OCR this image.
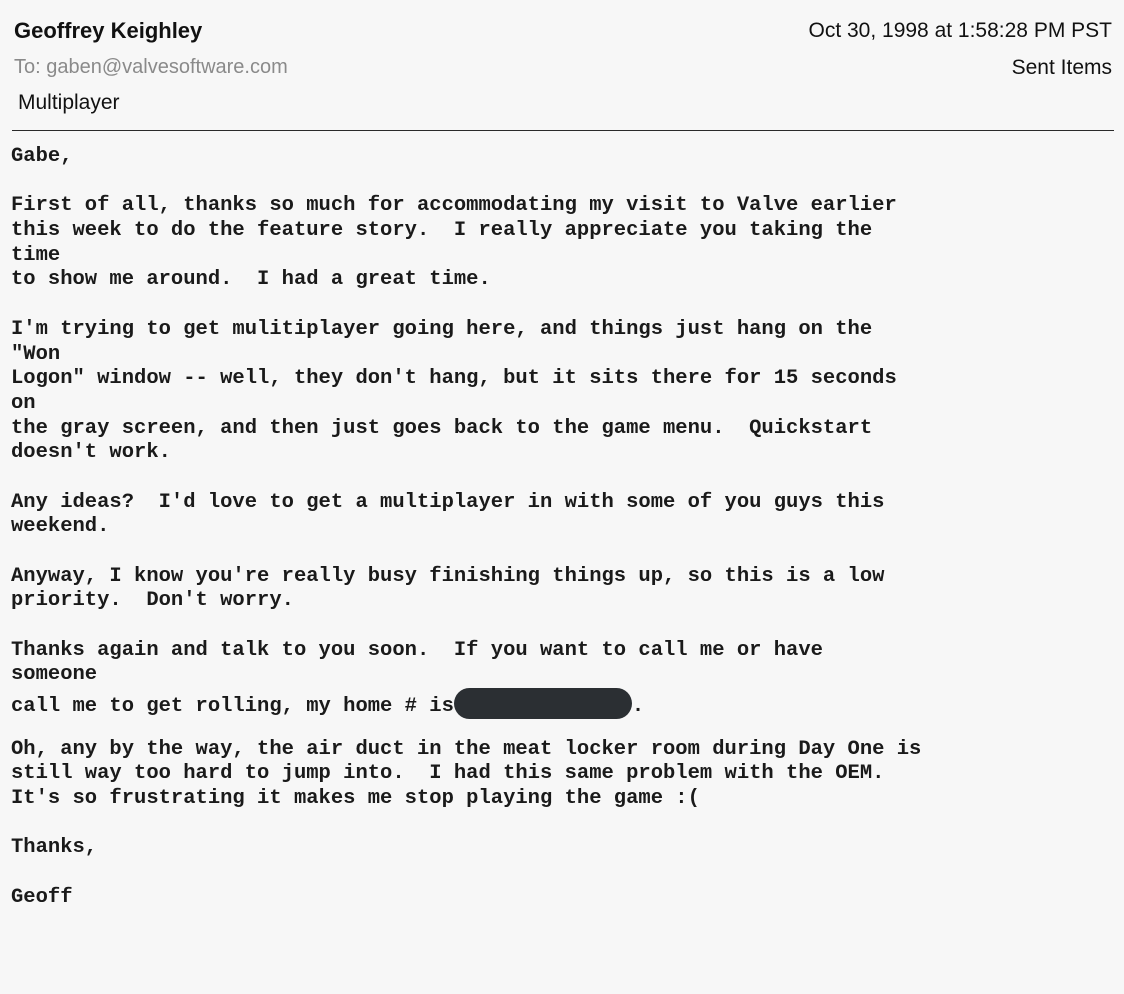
Geoffrey Keighley
To: gaben@valvesoftware.com
Multiplayer
Oct 30, 1998 at 1:58:28 PM PST
Sent Items
Gabe,
First of all, thanks so much for accommodating my visit to Valve earlier
this week to do the feature story.  I really appreciate you taking the
time
to show me around.  I had a great time.
I'm trying to get mulitiplayer going here, and things just hang on the
"Won
Logon" window -- well, they don't hang, but it sits there for 15 seconds
on
the gray screen, and then just goes back to the game menu.  Quickstart
doesn't work.
Any ideas?  I'd love to get a multiplayer in with some of you guys this
weekend.
Anyway, I know you're really busy finishing things up, so this is a low
priority.  Don't worry.
Thanks again and talk to you soon.  If you want to call me or have
someone
call me to get rolling, my home # is	.
Oh, any by the way, the air duct in the meat locker room during Day One is
still way too hard to jump into.  I had this same problem with the OEM.
It's so frustrating it makes me stop playing the game :(
Thanks,
Geoff
